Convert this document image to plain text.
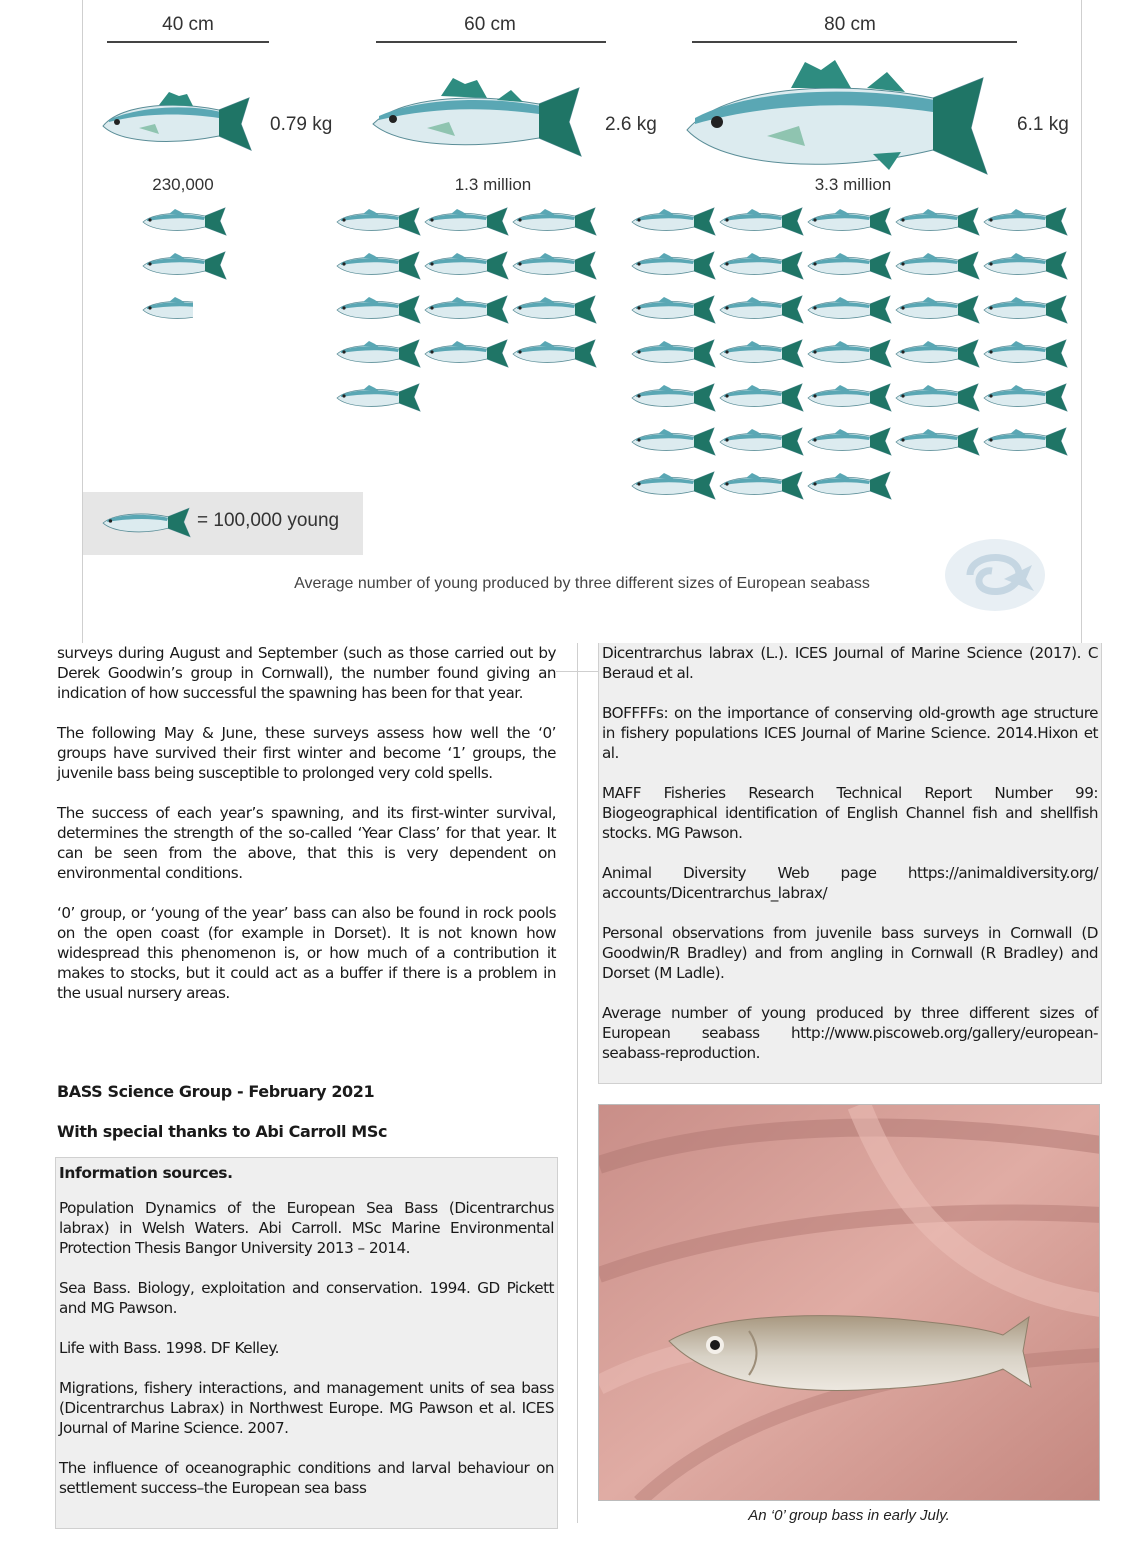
40 cm	60 cm	80 cm
0.79 kg	2.6 kg	6.1 kg
230,000	1.3 million	3.3 million
= 100,000 young
Average number of young produced by three different sizes of European seabass

surveys during August and September (such as those carried out by Derek Goodwin’s group in Cornwall), the number found giving an indication of how successful the spawning has been for that year.

The following May & June, these surveys assess how well the ‘0’ groups have survived their first winter and become ‘1’ groups, the juvenile bass being susceptible to prolonged very cold spells.

The success of each year’s spawning, and its first-winter survival, determines the strength of the so-called ‘Year Class’ for that year. It can be seen from the above, that this is very dependent on environmental conditions.

‘0’ group, or ‘young of the year’ bass can also be found in rock pools on the open coast (for example in Dorset). It is not known how widespread this phenomenon is, or how much of a contribution it makes to stocks, but it could act as a buffer if there is a problem in the usual nursery areas.

BASS Science Group - February 2021
With special thanks to Abi Carroll MSc
Information sources.

Population Dynamics of the European Sea Bass (Dicentrarchus labrax) in Welsh Waters. Abi Carroll. MSc Marine Environmental Protection Thesis Bangor University 2013 – 2014.

Sea Bass. Biology, exploitation and conservation. 1994. GD Pickett and MG Pawson.

Life with Bass. 1998. DF Kelley.

Migrations, fishery interactions, and management units of sea bass (Dicentrarchus Labrax) in Northwest Europe. MG Pawson et al. ICES Journal of Marine Science. 2007.

The influence of oceanographic conditions and larval behaviour on settlement success–the European sea bass

Dicentrarchus labrax (L.). ICES Journal of Marine Science (2017). C Beraud et al.

BOFFFFs: on the importance of conserving old-growth age structure in fishery populations ICES Journal of Marine Science. 2014.Hixon et al.

MAFF Fisheries Research Technical Report Number 99: Biogeographical identification of English Channel fish and shellfish stocks. MG Pawson.

Animal Diversity Web page https://animaldiversity.org/ accounts/Dicentrarchus_labrax/

Personal observations from juvenile bass surveys in Cornwall (D Goodwin/R Bradley) and from angling in Cornwall (R Bradley) and Dorset (M Ladle).

Average number of young produced by three different sizes of European seabass http://www.piscoweb.org/gallery/european-seabass-reproduction.

An ‘0’ group bass in early July.
